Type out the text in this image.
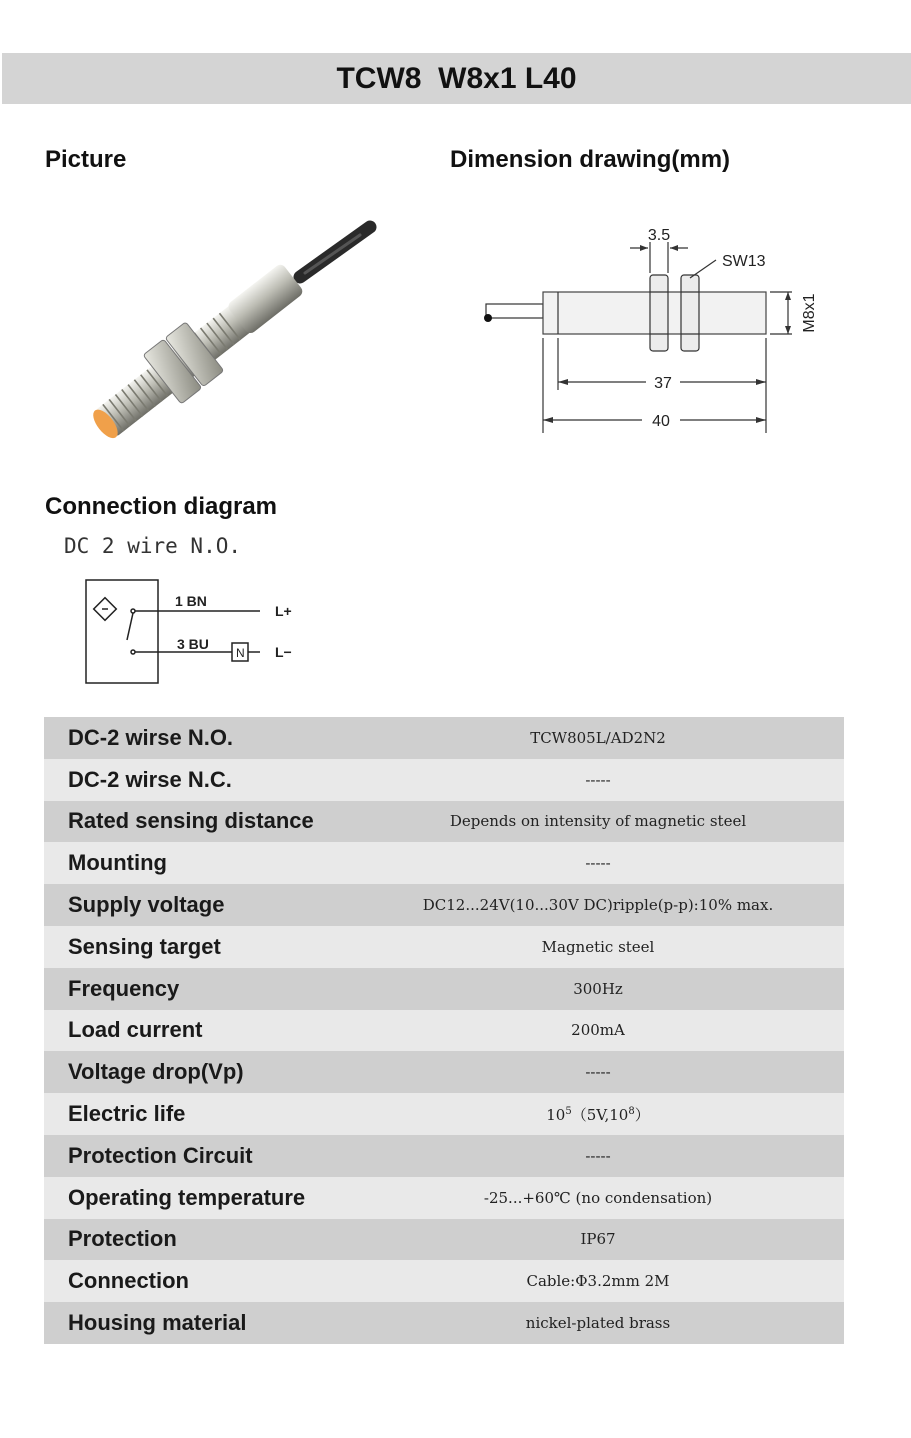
TCW8  W8x1 L40
Picture	Dimension drawing(mm)
Connection diagram
3.5
SW13
37
40
M8x1
DC 2 wire N.O.
1 BN
3 BU
L+
L−
N
DC-2 wirse N.O.	TCW805L/AD2N2
DC-2 wirse N.C.	-----
Rated sensing distance	Depends on intensity of magnetic steel
Mounting	-----
Supply voltage	DC12...24V(10...30V DC)ripple(p-p):10% max.
Sensing target	Magnetic steel
Frequency	300Hz
Load current	200mA
Voltage drop(Vp)	-----
Electric life	$10^5(5V,10^8)$
Protection Circuit	-----
Operating temperature	-25...+60℃ (no condensation)
Protection	IP67
Connection	Cable:Φ3.2mm 2M
Housing material	nickel-plated brass
